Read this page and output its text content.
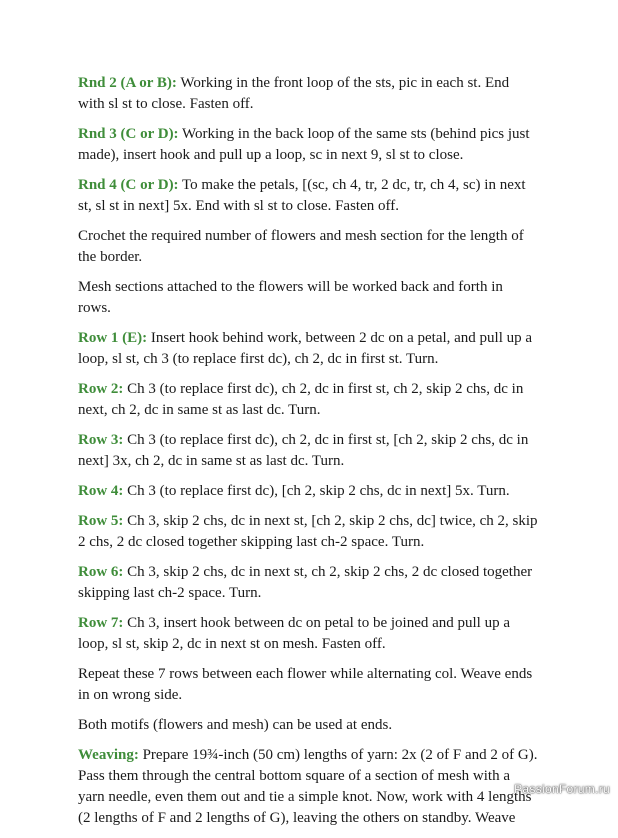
Rnd 2 (A or B): Working in the front loop of the sts, pic in each st. End with sl st to close. Fasten off.

Rnd 3 (C or D): Working in the back loop of the same sts (behind pics just made), insert hook and pull up a loop, sc in next 9, sl st to close.

Rnd 4 (C or D): To make the petals, [(sc, ch 4, tr, 2 dc, tr, ch 4, sc) in next st, sl st in next] 5x. End with sl st to close. Fasten off.

Crochet the required number of flowers and mesh section for the length of the border.

Mesh sections attached to the flowers will be worked back and forth in rows.

Row 1 (E): Insert hook behind work, between 2 dc on a petal, and pull up a loop, sl st, ch 3 (to replace first dc), ch 2, dc in first st. Turn.

Row 2: Ch 3 (to replace first dc), ch 2, dc in first st, ch 2, skip 2 chs, dc in next, ch 2, dc in same st as last dc. Turn.

Row 3: Ch 3 (to replace first dc), ch 2, dc in first st, [ch 2, skip 2 chs, dc in next] 3x, ch 2, dc in same st as last dc. Turn.

Row 4: Ch 3 (to replace first dc), [ch 2, skip 2 chs, dc in next] 5x. Turn.

Row 5: Ch 3, skip 2 chs, dc in next st, [ch 2, skip 2 chs, dc] twice, ch 2, skip 2 chs, 2 dc closed together skipping last ch-2 space. Turn.

Row 6: Ch 3, skip 2 chs, dc in next st, ch 2, skip 2 chs, 2 dc closed together skipping last ch-2 space. Turn.

Row 7: Ch 3, insert hook between dc on petal to be joined and pull up a loop, sl st, skip 2, dc in next st on mesh. Fasten off.

Repeat these 7 rows between each flower while alternating col. Weave ends in on wrong side.

Both motifs (flowers and mesh) can be used at ends.

Weaving: Prepare 19¾-inch (50 cm) lengths of yarn: 2x (2 of F and 2 of G). Pass them through the central bottom square of a section of mesh with a yarn needle, even them out and tie a simple knot. Now, work with 4 lengths (2 lengths of F and 2 lengths of G), leaving the others on standby. Weave

PassionForum.ru
